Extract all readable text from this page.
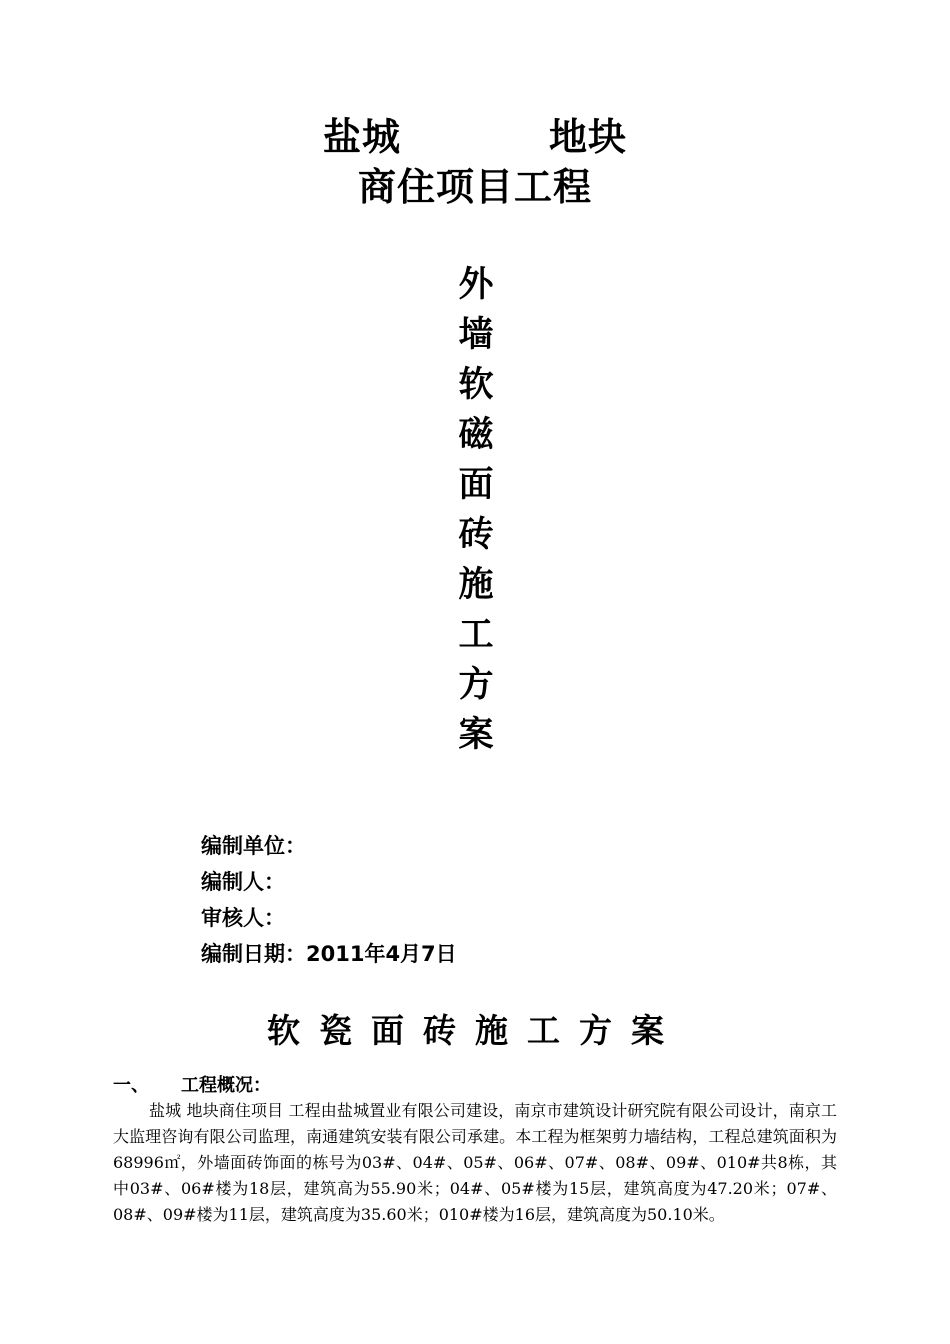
盐城	地块
商住项目工程
外
墙
软
磁
面
砖
施
工
方
案
编制单位：
编制人：
审核人：
编制日期：2011年4月7日
软瓷面砖施工方案
一、 工程概况：
盐城 地块商住项目 工程由盐城置业有限公司建设，南京市建筑设计研究院有限公司设计，南京工大监理咨询有限公司监理，南通建筑安装有限公司承建。本工程为框架剪力墙结构，工程总建筑面积为68996㎡，外墙面砖饰面的栋号为03#、04#、05#、06#、07#、08#、09#、010#共8栋，其中03#、06#楼为18层，建筑高为55.90米；04#、05#楼为15层，建筑高度为47.20米；07#、08#、09#楼为11层，建筑高度为35.60米；010#楼为16层，建筑高度为50.10米。
